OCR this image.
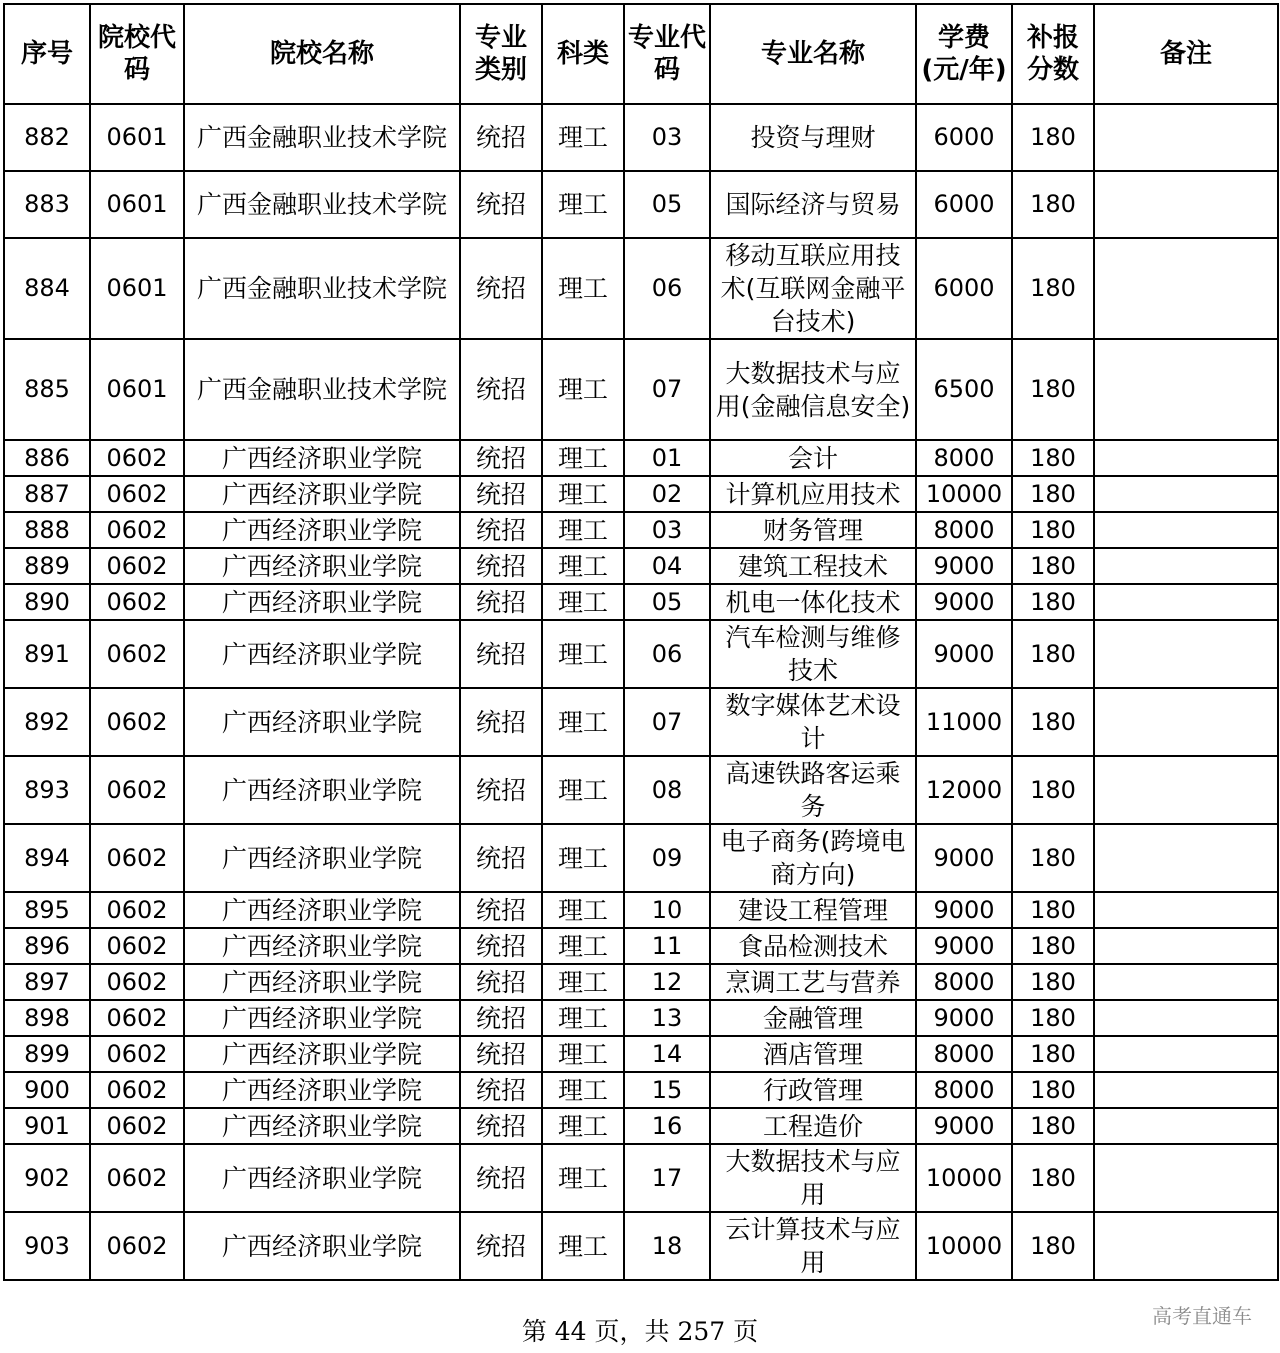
序号	院校代码	院校名称	专业类别	科类	专业代码	专业名称	学费(元/年)	补报分数	备注
882	0601	广西金融职业技术学院	统招	理工	03	投资与理财	6000	180	
883	0601	广西金融职业技术学院	统招	理工	05	国际经济与贸易	6000	180	
884	0601	广西金融职业技术学院	统招	理工	06	移动互联应用技术(互联网金融平台技术)	6000	180	
885	0601	广西金融职业技术学院	统招	理工	07	大数据技术与应用(金融信息安全)	6500	180	
886	0602	广西经济职业学院	统招	理工	01	会计	8000	180	
887	0602	广西经济职业学院	统招	理工	02	计算机应用技术	10000	180	
888	0602	广西经济职业学院	统招	理工	03	财务管理	8000	180	
889	0602	广西经济职业学院	统招	理工	04	建筑工程技术	9000	180	
890	0602	广西经济职业学院	统招	理工	05	机电一体化技术	9000	180	
891	0602	广西经济职业学院	统招	理工	06	汽车检测与维修技术	9000	180	
892	0602	广西经济职业学院	统招	理工	07	数字媒体艺术设计	11000	180	
893	0602	广西经济职业学院	统招	理工	08	高速铁路客运乘务	12000	180	
894	0602	广西经济职业学院	统招	理工	09	电子商务(跨境电商方向)	9000	180	
895	0602	广西经济职业学院	统招	理工	10	建设工程管理	9000	180	
896	0602	广西经济职业学院	统招	理工	11	食品检测技术	9000	180	
897	0602	广西经济职业学院	统招	理工	12	烹调工艺与营养	8000	180	
898	0602	广西经济职业学院	统招	理工	13	金融管理	9000	180	
899	0602	广西经济职业学院	统招	理工	14	酒店管理	8000	180	
900	0602	广西经济职业学院	统招	理工	15	行政管理	8000	180	
901	0602	广西经济职业学院	统招	理工	16	工程造价	9000	180	
902	0602	广西经济职业学院	统招	理工	17	大数据技术与应用	10000	180	
903	0602	广西经济职业学院	统招	理工	18	云计算技术与应用	10000	180	
第 44 页，共 257 页
高考直通车
